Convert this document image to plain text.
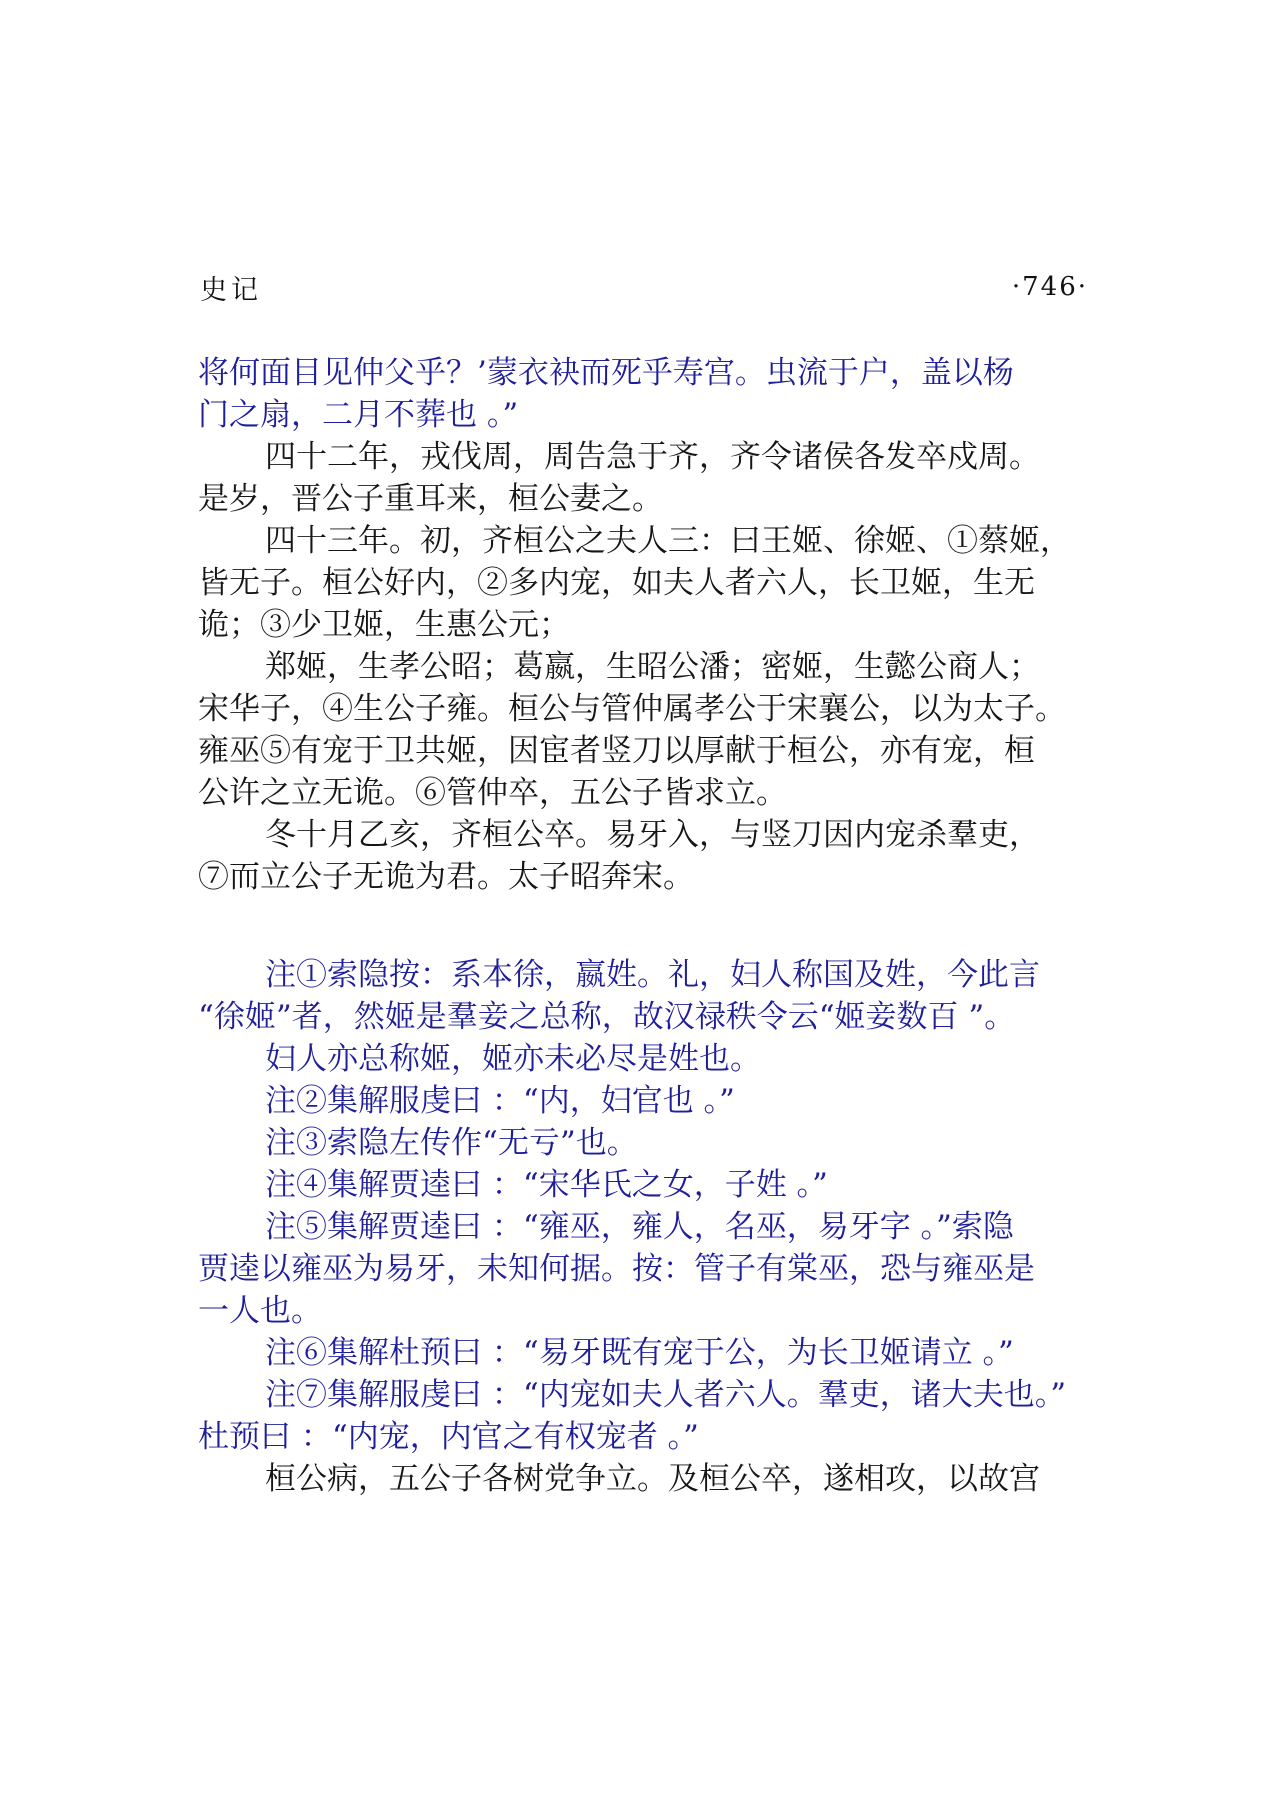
史记	·746·
将何面目见仲父乎？’蒙衣袂而死乎寿宫。虫流于户，盖以杨
门之扇，二月不葬也 。”
四十二年，戎伐周，周告急于齐，齐令诸侯各发卒戍周。
是岁，晋公子重耳来，桓公妻之。
四十三年。初，齐桓公之夫人三：曰王姬、徐姬、①蔡姬，
皆无子。桓公好内，②多内宠，如夫人者六人，长卫姬，生无
诡；③少卫姬，生惠公元；
郑姬，生孝公昭；葛嬴，生昭公潘；密姬，生懿公商人；
宋华子，④生公子雍。桓公与管仲属孝公于宋襄公，以为太子。
雍巫⑤有宠于卫共姬，因宦者竖刀以厚献于桓公，亦有宠，桓
公许之立无诡。⑥管仲卒，五公子皆求立。
冬十月乙亥，齐桓公卒。易牙入，与竖刀因内宠杀羣吏，
⑦而立公子无诡为君。太子昭奔宋。
注①索隐按：系本徐，嬴姓。礼，妇人称国及姓，今此言
“徐姬”者，然姬是羣妾之总称，故汉禄秩令云“姬妾数百 ”。
妇人亦总称姬，姬亦未必尽是姓也。
注②集解服虔曰 ：“内，妇官也 。”
注③索隐左传作“无亏”也。
注④集解贾逵曰 ：“宋华氏之女，子姓 。”
注⑤集解贾逵曰 ：“雍巫，雍人，名巫，易牙字 。”索隐
贾逵以雍巫为易牙，未知何据。按：管子有棠巫，恐与雍巫是
一人也。
注⑥集解杜预曰 ：“易牙既有宠于公，为长卫姬请立 。”
注⑦集解服虔曰 ：“内宠如夫人者六人。羣吏，诸大夫也。”
杜预曰 ：“内宠，内官之有权宠者 。”
桓公病，五公子各树党争立。及桓公卒，遂相攻，以故宫
